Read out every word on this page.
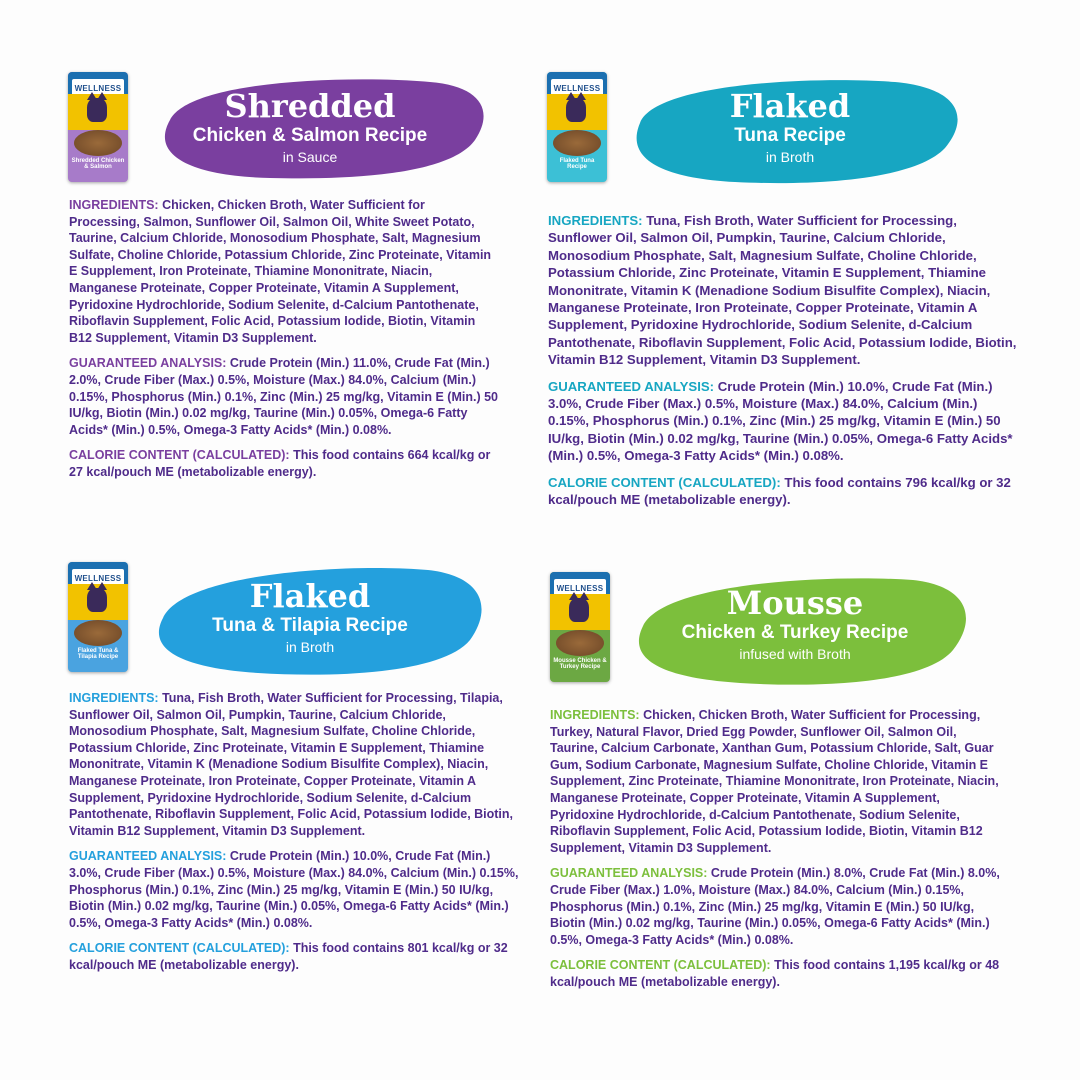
WELLNESS
Shredded Chicken & Salmon
Shredded
Chicken & Salmon Recipe
in Sauce

INGREDIENTS: Chicken, Chicken Broth, Water Sufficient for Processing, Salmon, Sunflower Oil, Salmon Oil, White Sweet Potato, Taurine, Calcium Chloride, Monosodium Phosphate, Salt, Magnesium Sulfate, Choline Chloride, Potassium Chloride, Zinc Proteinate, Vitamin E Supplement, Iron Proteinate, Thiamine Mononitrate, Niacin, Manganese Proteinate, Copper Proteinate, Vitamin A Supplement, Pyridoxine Hydrochloride, Sodium Selenite, d-Calcium Pantothenate, Riboflavin Supplement, Folic Acid, Potassium Iodide, Biotin, Vitamin B12 Supplement, Vitamin D3 Supplement.

GUARANTEED ANALYSIS: Crude Protein (Min.) 11.0%, Crude Fat (Min.) 2.0%, Crude Fiber (Max.) 0.5%, Moisture (Max.) 84.0%, Calcium (Min.) 0.15%, Phosphorus (Min.) 0.1%, Zinc (Min.) 25 mg/kg, Vitamin E (Min.) 50 IU/kg, Biotin (Min.) 0.02 mg/kg, Taurine (Min.) 0.05%, Omega-6 Fatty Acids* (Min.) 0.5%, Omega-3 Fatty Acids* (Min.) 0.08%.

CALORIE CONTENT (CALCULATED): This food contains 664 kcal/kg or 27 kcal/pouch ME (metabolizable energy).

WELLNESS
Flaked Tuna Recipe
Flaked
Tuna Recipe
in Broth

INGREDIENTS: Tuna, Fish Broth, Water Sufficient for Processing, Sunflower Oil, Salmon Oil, Pumpkin, Taurine, Calcium Chloride, Monosodium Phosphate, Salt, Magnesium Sulfate, Choline Chloride, Potassium Chloride, Zinc Proteinate, Vitamin E Supplement, Thiamine Mononitrate, Vitamin K (Menadione Sodium Bisulfite Complex), Niacin, Manganese Proteinate, Iron Proteinate, Copper Proteinate, Vitamin A Supplement, Pyridoxine Hydrochloride, Sodium Selenite, d-Calcium Pantothenate, Riboflavin Supplement, Folic Acid, Potassium Iodide, Biotin, Vitamin B12 Supplement, Vitamin D3 Supplement.

GUARANTEED ANALYSIS: Crude Protein (Min.) 10.0%, Crude Fat (Min.) 3.0%, Crude Fiber (Max.) 0.5%, Moisture (Max.) 84.0%, Calcium (Min.) 0.15%, Phosphorus (Min.) 0.1%, Zinc (Min.) 25 mg/kg, Vitamin E (Min.) 50 IU/kg, Biotin (Min.) 0.02 mg/kg, Taurine (Min.) 0.05%, Omega-6 Fatty Acids* (Min.) 0.5%, Omega-3 Fatty Acids* (Min.) 0.08%.

CALORIE CONTENT (CALCULATED): This food contains 796 kcal/kg or 32 kcal/pouch ME (metabolizable energy).

WELLNESS
Flaked Tuna & Tilapia Recipe
Flaked
Tuna & Tilapia Recipe
in Broth

INGREDIENTS: Tuna, Fish Broth, Water Sufficient for Processing, Tilapia, Sunflower Oil, Salmon Oil, Pumpkin, Taurine, Calcium Chloride, Monosodium Phosphate, Salt, Magnesium Sulfate, Choline Chloride, Potassium Chloride, Zinc Proteinate, Vitamin E Supplement, Thiamine Mononitrate, Vitamin K (Menadione Sodium Bisulfite Complex), Niacin, Manganese Proteinate, Iron Proteinate, Copper Proteinate, Vitamin A Supplement, Pyridoxine Hydrochloride, Sodium Selenite, d-Calcium Pantothenate, Riboflavin Supplement, Folic Acid, Potassium Iodide, Biotin, Vitamin B12 Supplement, Vitamin D3 Supplement.

GUARANTEED ANALYSIS: Crude Protein (Min.) 10.0%, Crude Fat (Min.) 3.0%, Crude Fiber (Max.) 0.5%, Moisture (Max.) 84.0%, Calcium (Min.) 0.15%, Phosphorus (Min.) 0.1%, Zinc (Min.) 25 mg/kg, Vitamin E (Min.) 50 IU/kg, Biotin (Min.) 0.02 mg/kg, Taurine (Min.) 0.05%, Omega-6 Fatty Acids* (Min.) 0.5%, Omega-3 Fatty Acids* (Min.) 0.08%.

CALORIE CONTENT (CALCULATED): This food contains 801 kcal/kg or 32 kcal/pouch ME (metabolizable energy).

WELLNESS
Mousse Chicken & Turkey Recipe
Mousse
Chicken & Turkey Recipe
infused with Broth

INGREDIENTS: Chicken, Chicken Broth, Water Sufficient for Processing, Turkey, Natural Flavor, Dried Egg Powder, Sunflower Oil, Salmon Oil, Taurine, Calcium Carbonate, Xanthan Gum, Potassium Chloride, Salt, Guar Gum, Sodium Carbonate, Magnesium Sulfate, Choline Chloride, Vitamin E Supplement, Zinc Proteinate, Thiamine Mononitrate, Iron Proteinate, Niacin, Manganese Proteinate, Copper Proteinate, Vitamin A Supplement, Pyridoxine Hydrochloride, d-Calcium Pantothenate, Sodium Selenite, Riboflavin Supplement, Folic Acid, Potassium Iodide, Biotin, Vitamin B12 Supplement, Vitamin D3 Supplement.

GUARANTEED ANALYSIS: Crude Protein (Min.) 8.0%, Crude Fat (Min.) 8.0%, Crude Fiber (Max.) 1.0%, Moisture (Max.) 84.0%, Calcium (Min.) 0.15%, Phosphorus (Min.) 0.1%, Zinc (Min.) 25 mg/kg, Vitamin E (Min.) 50 IU/kg, Biotin (Min.) 0.02 mg/kg, Taurine (Min.) 0.05%, Omega-6 Fatty Acids* (Min.) 0.5%, Omega-3 Fatty Acids* (Min.) 0.08%.

CALORIE CONTENT (CALCULATED): This food contains 1,195 kcal/kg or 48 kcal/pouch ME (metabolizable energy).
